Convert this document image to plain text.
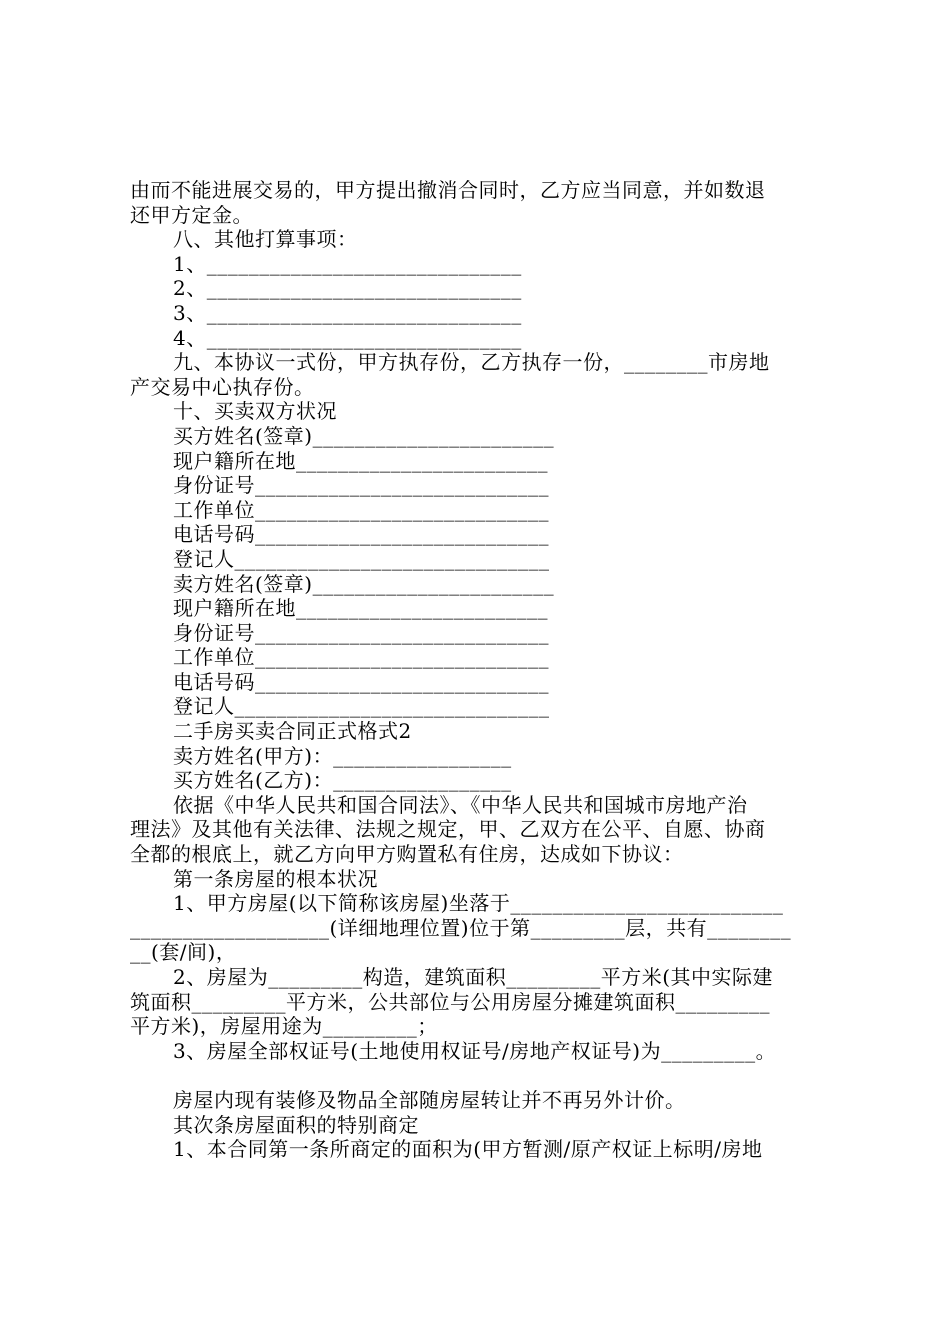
由而不能进展交易的，甲方提出撤消合同时，乙方应当同意，并如数退
还甲方定金。
八、其他打算事项：
1、______________________________
2、______________________________
3、______________________________
4、______________________________
九、本协议一式份，甲方执存份，乙方执存一份，________市房地
产交易中心执存份。
十、买卖双方状况
买方姓名(签章)_______________________
现户籍所在地________________________
身份证号____________________________
工作单位____________________________
电话号码____________________________
登记人______________________________
卖方姓名(签章)_______________________
现户籍所在地________________________
身份证号____________________________
工作单位____________________________
电话号码____________________________
登记人______________________________
二手房买卖合同正式格式2
卖方姓名(甲方)：_________________
买方姓名(乙方)：_________________
依据《中华人民共和国合同法》、《中华人民共和国城市房地产治
理法》及其他有关法律、法规之规定，甲、乙双方在公平、自愿、协商
全都的根底上，就乙方向甲方购置私有住房，达成如下协议：
第一条房屋的根本状况
1、甲方房屋(以下简称该房屋)坐落于__________________________
___________________(详细地理位置)位于第_________层，共有________
__(套/间)，
2、房屋为_________构造，建筑面积_________平方米(其中实际建
筑面积_________平方米，公共部位与公用房屋分摊建筑面积_________
平方米)，房屋用途为_________；
3、房屋全部权证号(土地使用权证号/房地产权证号)为_________。
房屋内现有装修及物品全部随房屋转让并不再另外计价。
其次条房屋面积的特别商定
1、本合同第一条所商定的面积为(甲方暂测/原产权证上标明/房地
